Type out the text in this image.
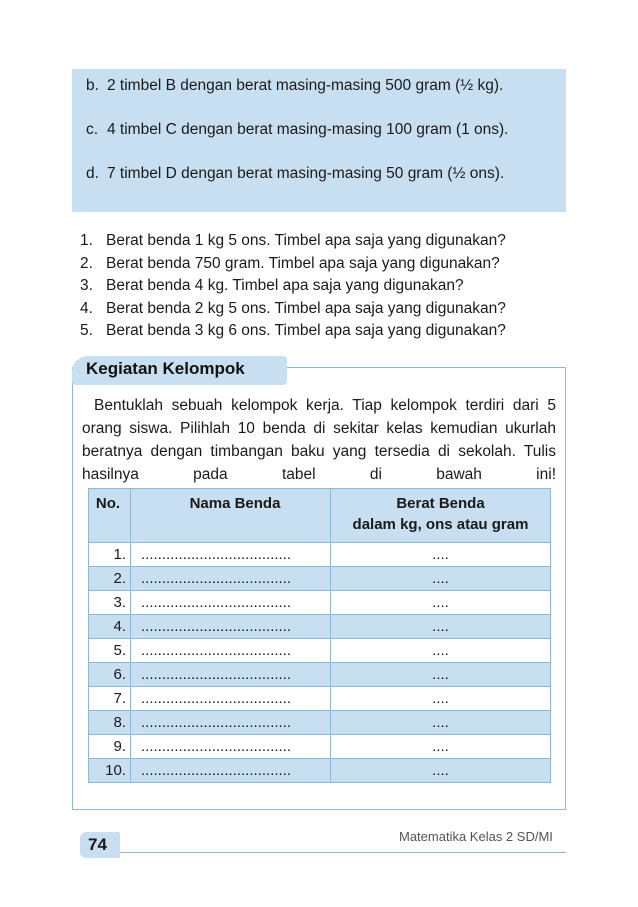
b. 2 timbel B dengan berat masing-masing 500 gram (½ kg).
c. 4 timbel C dengan berat masing-masing 100 gram (1 ons).
d. 7 timbel D dengan berat masing-masing 50 gram (½ ons).
1. Berat benda 1 kg 5 ons. Timbel apa saja yang digunakan?
2. Berat benda 750 gram. Timbel apa saja yang digunakan?
3. Berat benda 4 kg. Timbel apa saja yang digunakan?
4. Berat benda 2 kg 5 ons. Timbel apa saja yang digunakan?
5. Berat benda 3 kg 6 ons. Timbel apa saja yang digunakan?
Kegiatan Kelompok
Bentuklah sebuah kelompok kerja. Tiap kelompok terdiri dari 5 orang siswa. Pilihlah 10 benda di sekitar kelas kemudian ukurlah beratnya dengan timbangan baku yang tersedia di sekolah. Tulis hasilnya pada tabel di bawah ini!
No.	Nama Benda	Berat Benda
dalam kg, ons atau gram

1.	....................................	....
2.	....................................	....
3.	....................................	....
4.	....................................	....
5.	....................................	....
6.	....................................	....
7.	....................................	....
8.	....................................	....
9.	....................................	....
10.	....................................	....
74	Matematika Kelas 2 SD/MI
